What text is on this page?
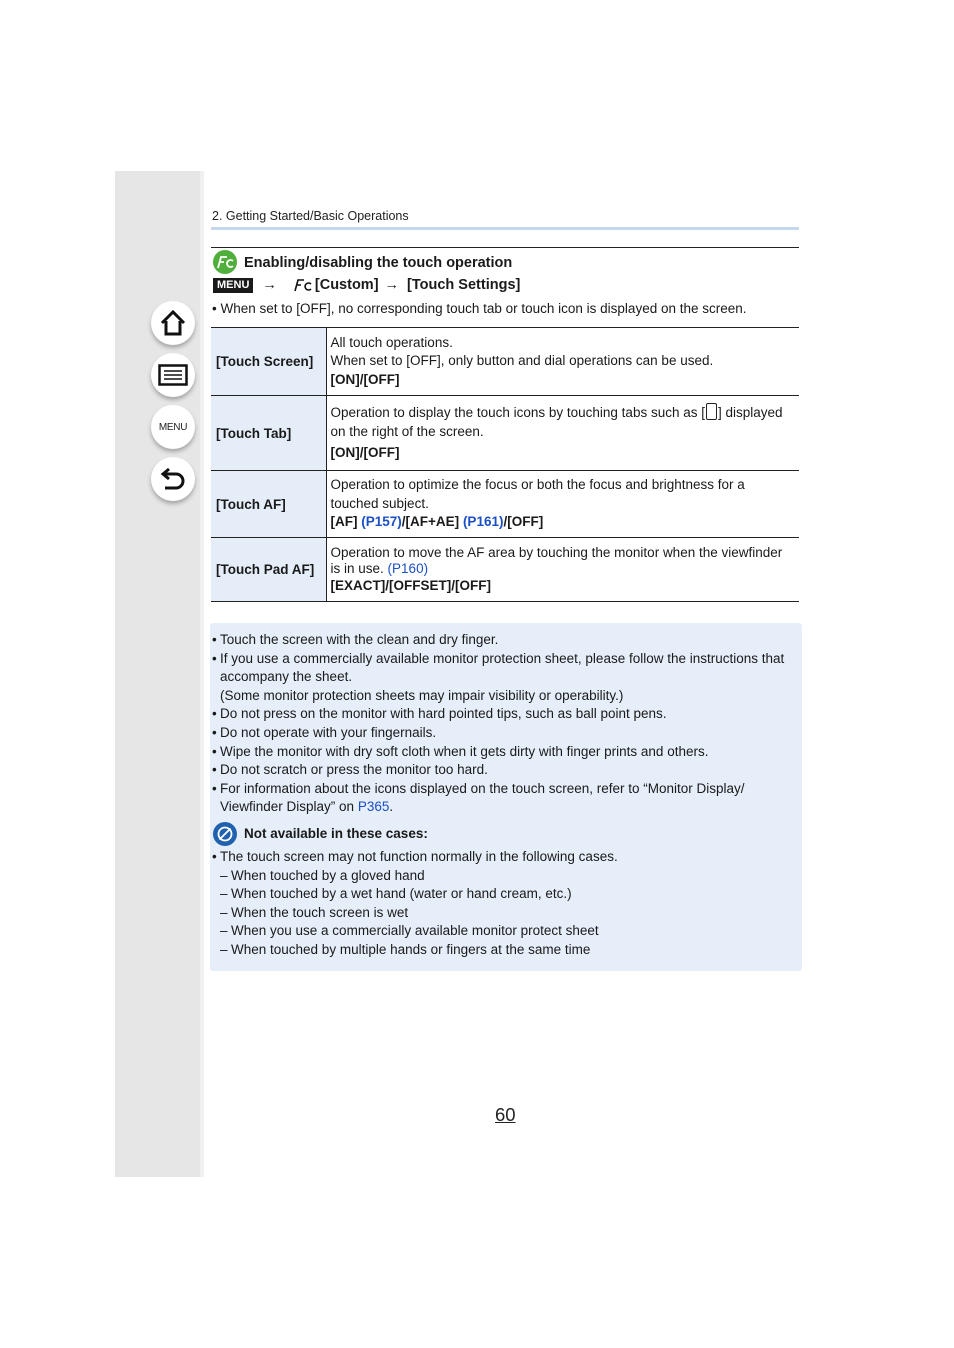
MENU
2. Getting Started/Basic Operations
Enabling/disabling the touch operation
MENU →	[Custom] → [Touch Settings]
• When set to [OFF], no corresponding touch tab or touch icon is displayed on the screen.
[Touch Screen]	All touch operations.
When set to [OFF], only button and dial operations can be used.
[ON]/[OFF]

[Touch Tab]	Operation to display the touch icons by touching tabs such as [ ] displayed
on the right of the screen.
[ON]/[OFF]

[Touch AF]	Operation to optimize the focus or both the focus and brightness for a
touched subject.
[AF] (P157)/[AF+AE] (P161)/[OFF]

[Touch Pad AF]	Operation to move the AF area by touching the monitor when the viewfinder
is in use. (P160)
[EXACT]/[OFFSET]/[OFF]
• Touch the screen with the clean and dry finger.
• If you use a commercially available monitor protection sheet, please follow the instructions that
accompany the sheet.
(Some monitor protection sheets may impair visibility or operability.)
• Do not press on the monitor with hard pointed tips, such as ball point pens.
• Do not operate with your fingernails.
• Wipe the monitor with dry soft cloth when it gets dirty with finger prints and others.
• Do not scratch or press the monitor too hard.
• For information about the icons displayed on the touch screen, refer to “Monitor Display/
Viewfinder Display” on P365.
Not available in these cases:
• The touch screen may not function normally in the following cases.
– When touched by a gloved hand
– When touched by a wet hand (water or hand cream, etc.)
– When the touch screen is wet
– When you use a commercially available monitor protect sheet
– When touched by multiple hands or fingers at the same time
60
